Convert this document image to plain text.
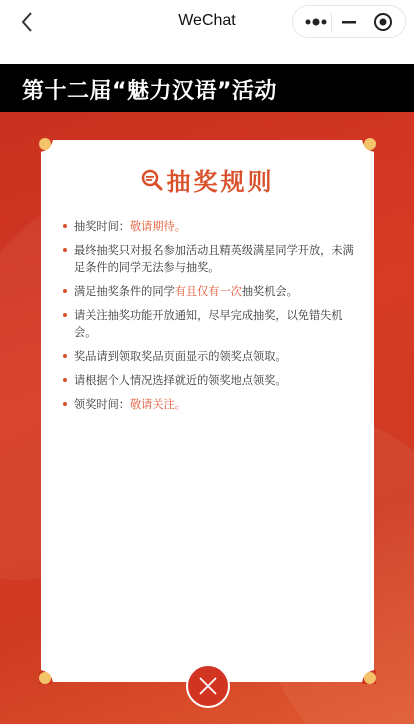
WeChat
第十二届“魅力汉语”活动
抽奖规则
抽奖时间：敬请期待。
最终抽奖只对报名参加活动且精英级满星同学开放，未满足条件的同学无法参与抽奖。
满足抽奖条件的同学有且仅有一次抽奖机会。
请关注抽奖功能开放通知，尽早完成抽奖，以免错失机会。
奖品请到领取奖品页面显示的领奖点领取。
请根据个人情况选择就近的领奖地点领奖。
领奖时间：敬请关注。
